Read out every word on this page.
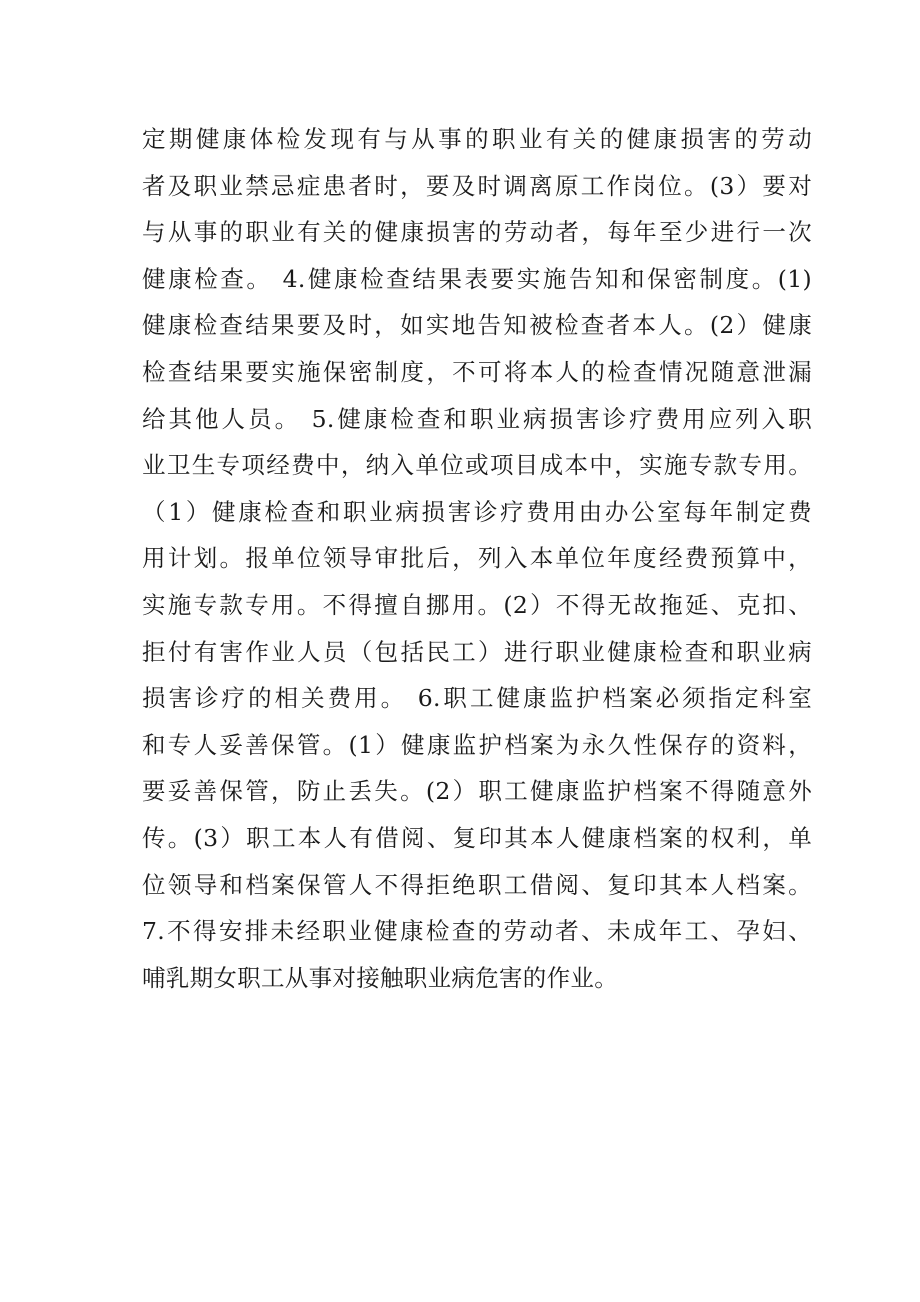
定期健康体检发现有与从事的职业有关的健康损害的劳动
者及职业禁忌症患者时，要及时调离原工作岗位。(3）要对
与从事的职业有关的健康损害的劳动者，每年至少进行一次
健康检查。 4.健康检查结果表要实施告知和保密制度。(1)
健康检查结果要及时，如实地告知被检查者本人。(2）健康
检查结果要实施保密制度，不可将本人的检查情况随意泄漏
给其他人员。 5.健康检查和职业病损害诊疗费用应列入职
业卫生专项经费中，纳入单位或项目成本中，实施专款专用。
（1）健康检查和职业病损害诊疗费用由办公室每年制定费
用计划。报单位领导审批后，列入本单位年度经费预算中，
实施专款专用。不得擅自挪用。(2）不得无故拖延、克扣、
拒付有害作业人员（包括民工）进行职业健康检查和职业病
损害诊疗的相关费用。 6.职工健康监护档案必须指定科室
和专人妥善保管。(1）健康监护档案为永久性保存的资料，
要妥善保管，防止丢失。(2）职工健康监护档案不得随意外
传。(3）职工本人有借阅、复印其本人健康档案的权利，单
位领导和档案保管人不得拒绝职工借阅、复印其本人档案。
7.不得安排未经职业健康检查的劳动者、未成年工、孕妇、
哺乳期女职工从事对接触职业病危害的作业。
